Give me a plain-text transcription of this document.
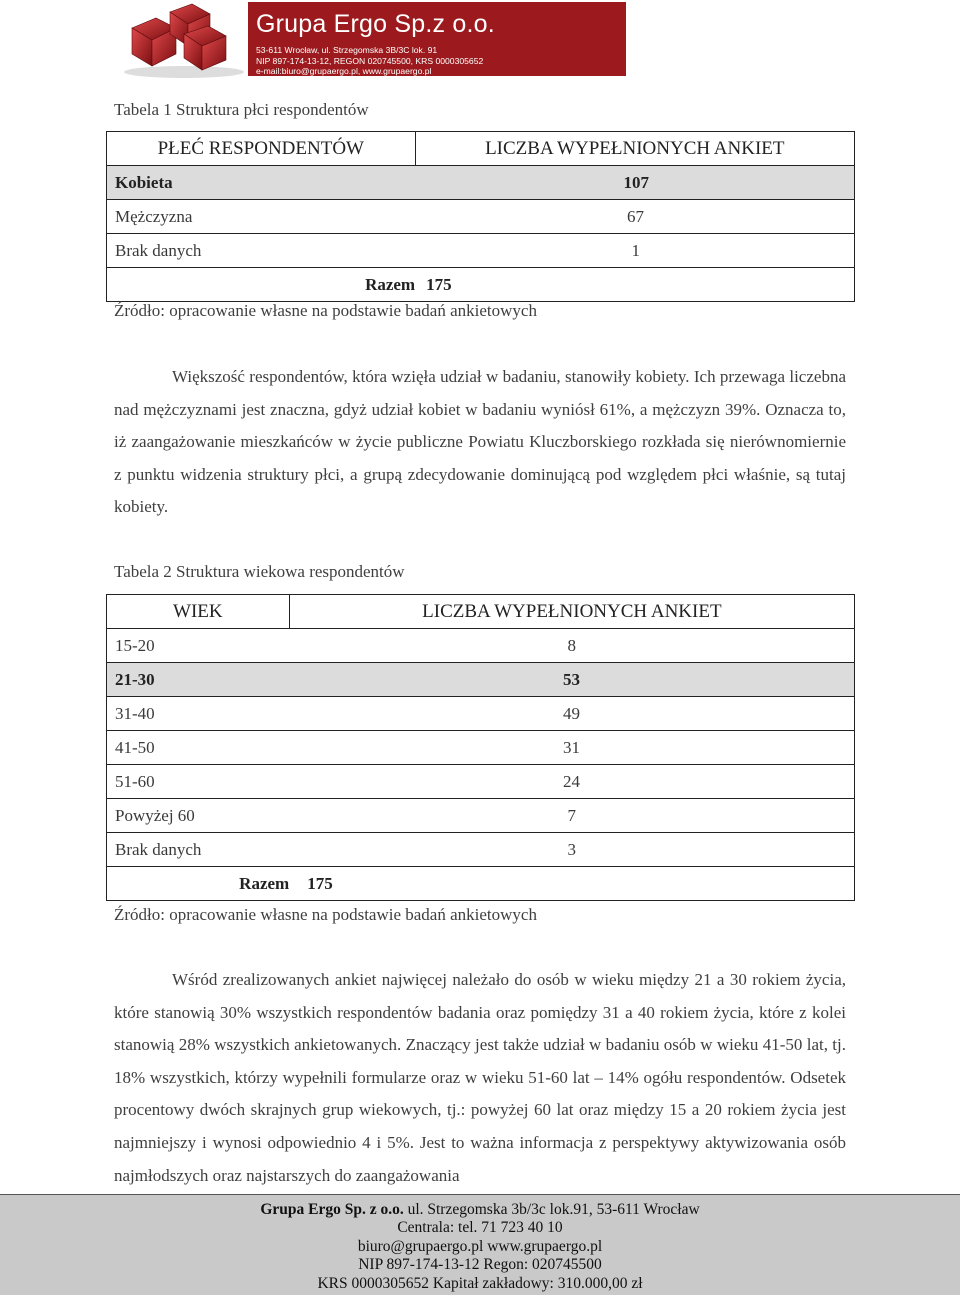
Grupa Ergo Sp.z o.o.
53-611 Wrocław, ul. Strzegomska 3B/3C lok. 91
NIP 897-174-13-12, REGON 020745500, KRS 0000305652
e-mail:biuro@grupaergo.pl, www.grupaergo.pl
Tabela 1 Struktura płci respondentów
PŁEĆ RESPONDENTÓW	LICZBA WYPEŁNIONYCH ANKIET
Kobieta	107
Mężczyzna	67
Brak danych	1
Razem	175
Źródło: opracowanie własne na podstawie badań ankietowych

Większość respondentów, która wzięła udział w badaniu, stanowiły kobiety. Ich przewaga liczebna nad mężczyznami jest znaczna, gdyż udział kobiet w badaniu wyniósł 61%, a mężczyzn 39%. Oznacza to, iż zaangażowanie mieszkańców w życie publiczne Powiatu Kluczborskiego rozkłada się nierównomiernie z punktu widzenia struktury płci, a grupą zdecydowanie dominującą pod względem płci właśnie, są tutaj kobiety.

Tabela 2 Struktura wiekowa respondentów
WIEK	LICZBA WYPEŁNIONYCH ANKIET
15-20	8
21-30	53
31-40	49
41-50	31
51-60	24
Powyżej 60	7
Brak danych	3
Razem	175
Źródło: opracowanie własne na podstawie badań ankietowych

Wśród zrealizowanych ankiet najwięcej należało do osób w wieku między 21 a 30 rokiem życia, które stanowią 30% wszystkich respondentów badania oraz pomiędzy 31 a 40 rokiem życia, które z kolei stanowią 28% wszystkich ankietowanych. Znaczący jest także udział w badaniu osób w wieku 41-50 lat, tj. 18% wszystkich, którzy wypełnili formularze oraz w wieku 51-60 lat – 14% ogółu respondentów. Odsetek procentowy dwóch skrajnych grup wiekowych, tj.: powyżej 60 lat oraz między 15 a 20 rokiem życia jest najmniejszy i wynosi odpowiednio 4 i 5%. Jest to ważna informacja z perspektywy aktywizowania osób najmłodszych oraz najstarszych do zaangażowania

Grupa Ergo Sp. z o.o. ul. Strzegomska 3b/3c lok.91, 53-611 Wrocław
Centrala: tel. 71 723 40 10
biuro@grupaergo.pl www.grupaergo.pl
NIP 897-174-13-12 Regon: 020745500
KRS 0000305652 Kapitał zakładowy: 310.000,00 zł
